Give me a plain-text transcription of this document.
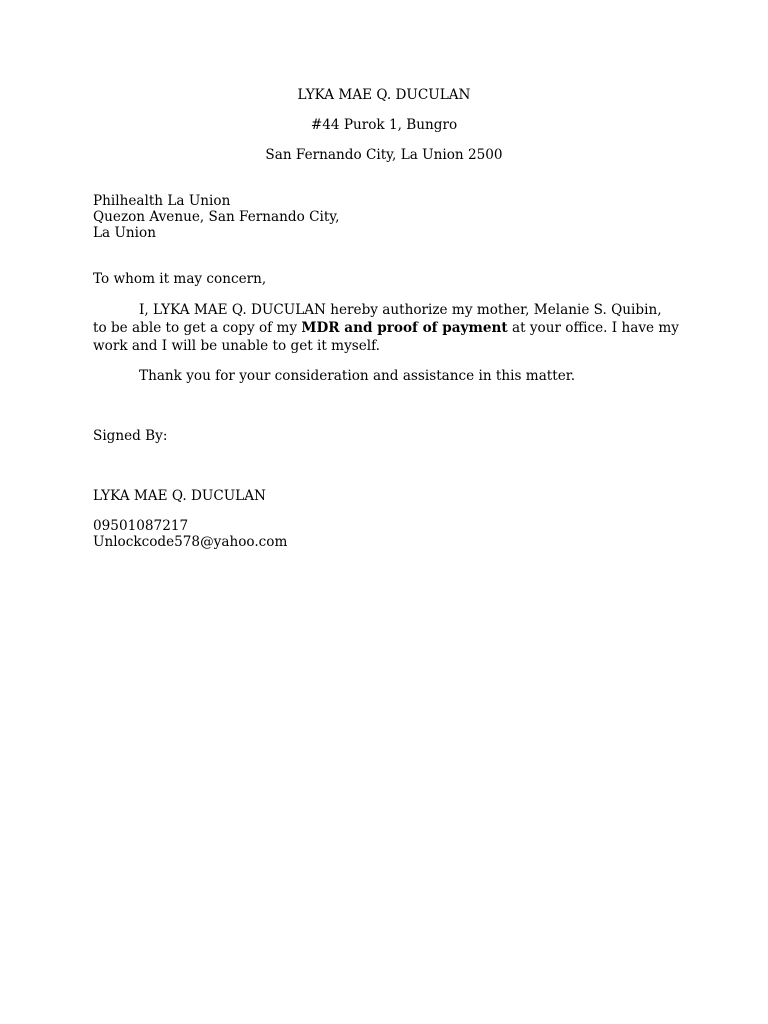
LYKA MAE Q. DUCULAN
#44 Purok 1, Bungro
San Fernando City, La Union 2500
Philhealth La Union
Quezon Avenue, San Fernando City,
La Union
To whom it may concern,
I, LYKA MAE Q. DUCULAN hereby authorize my mother, Melanie S. Quibin,
to be able to get a copy of my MDR and proof of payment at your office. I have my
work and I will be unable to get it myself.
Thank you for your consideration and assistance in this matter.
Signed By:
LYKA MAE Q. DUCULAN
09501087217
Unlockcode578@yahoo.com
